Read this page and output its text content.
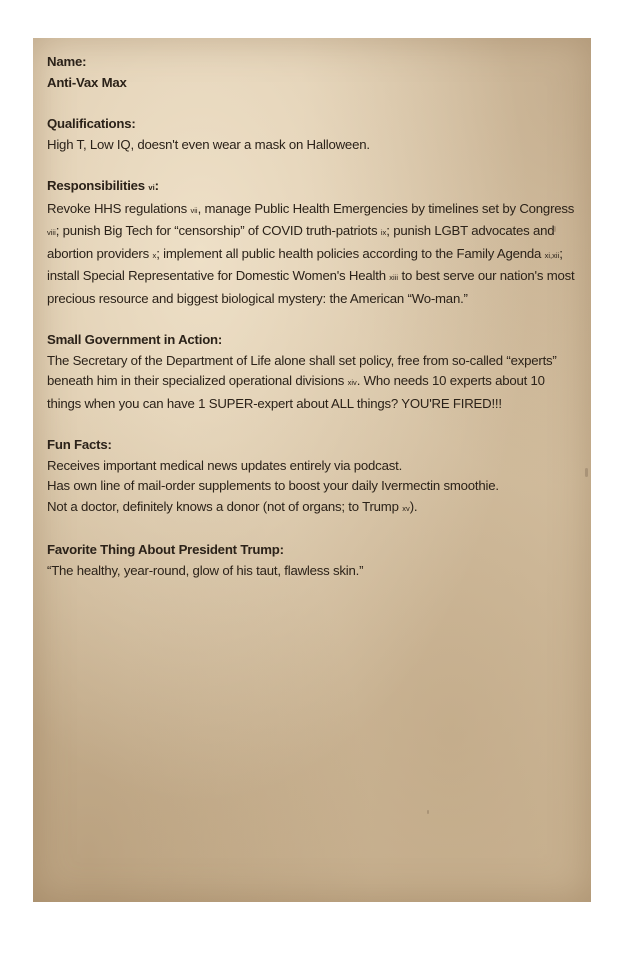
Name:
Anti-Vax Max
Qualifications:
High T, Low IQ, doesn't even wear a mask on Halloween.
Responsibilities vi:
Revoke HHS regulations vii, manage Public Health Emergencies by timelines set by Congress viii; punish Big Tech for “censorship” of COVID truth-patriots ix; punish LGBT advocates and abortion providers x; implement all public health policies according to the Family Agenda xi,xii; install Special Representative for Domestic Women's Health xiii to best serve our nation's most precious resource and biggest biological mystery: the American “Wo-man.”
Small Government in Action:
The Secretary of the Department of Life alone shall set policy, free from so-called “experts” beneath him in their specialized operational divisions xiv. Who needs 10 experts about 10 things when you can have 1 SUPER-expert about ALL things? YOU'RE FIRED!!!
Fun Facts:
Receives important medical news updates entirely via podcast.
Has own line of mail-order supplements to boost your daily Ivermectin smoothie.
Not a doctor, definitely knows a donor (not of organs; to Trump xv).
Favorite Thing About President Trump:
“The healthy, year-round, glow of his taut, flawless skin.”
